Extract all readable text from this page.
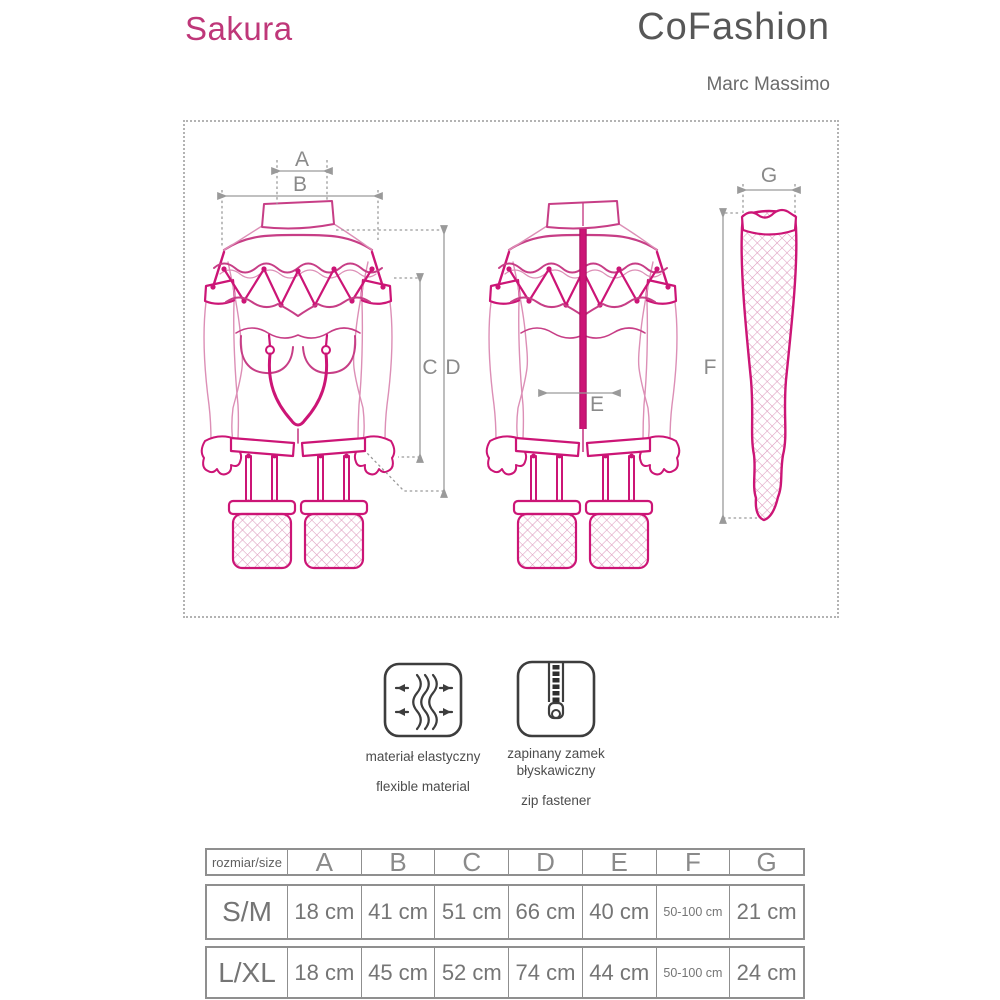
Sakura	CoFashion
Marc Massimo
A
B
C D
E
F
G
materiał elastyczny
flexible material
zapinany zamek błyskawiczny
zip fastener
rozmiar/size	A	B	C	D	E	F	G
S/M	18 cm 41 cm 51 cm 66 cm 40 cm	50-100 cm 21 cm
L/XL 18 cm 45 cm 52 cm 74 cm 44 cm	50-100 cm 24 cm
